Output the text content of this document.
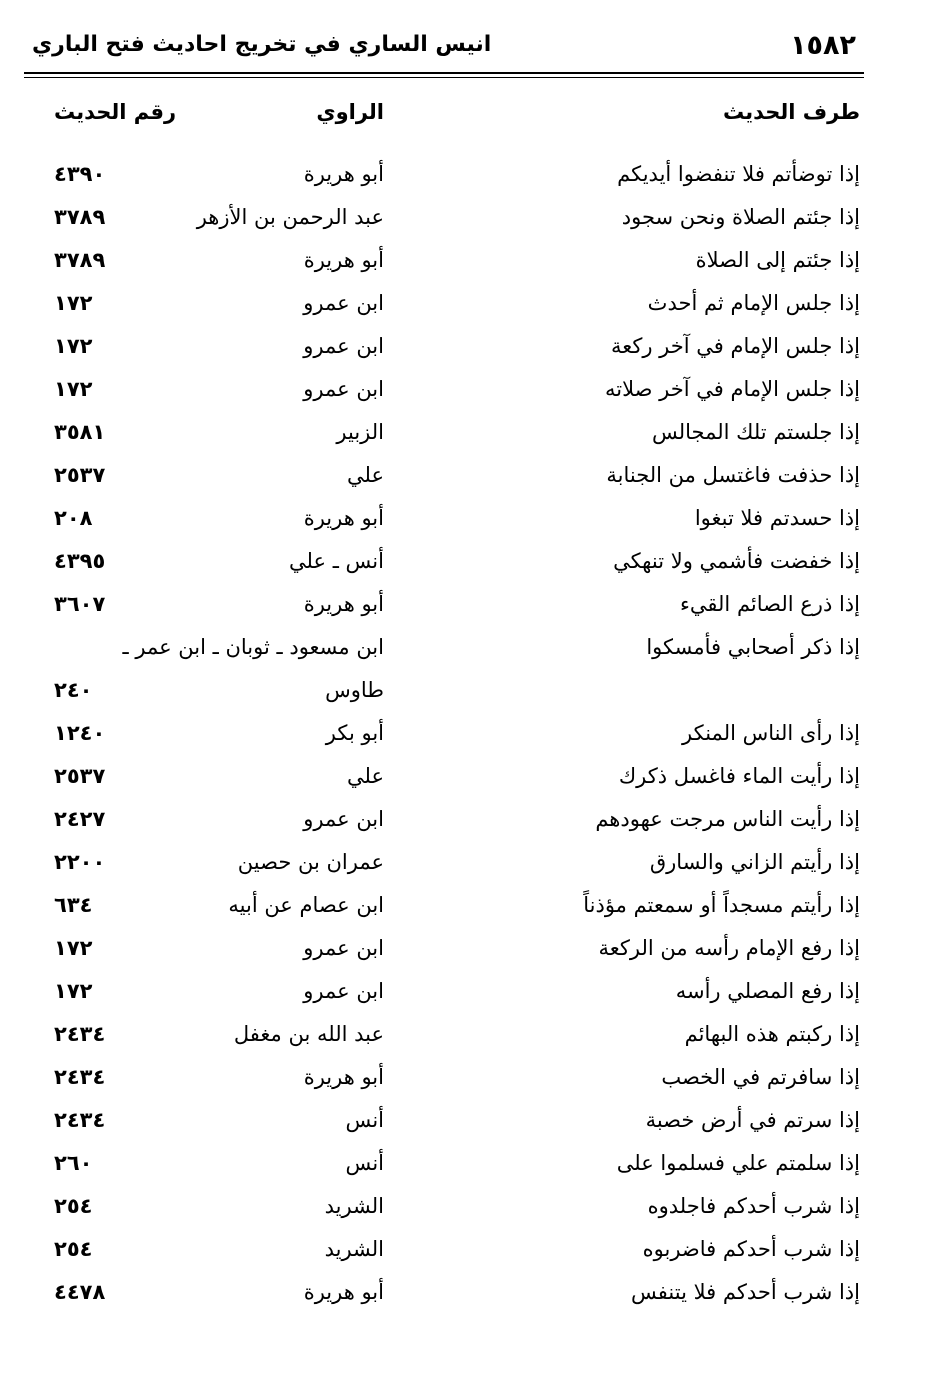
١٥٨٢
انيس الساري في تخريج احاديث فتح الباري
طرف الحديث
الراوي
رقم الحديث
إذا توضأتم فلا تنفضوا أيديكم
أبو هريرة
٤٣٩٠
إذا جئتم الصلاة ونحن سجود
عبد الرحمن بن الأزهر
٣٧٨٩
إذا جئتم إلى الصلاة
أبو هريرة
٣٧٨٩
إذا جلس الإمام ثم أحدث
ابن عمرو
١٧٢
إذا جلس الإمام في آخر ركعة
ابن عمرو
١٧٢
إذا جلس الإمام في آخر صلاته
ابن عمرو
١٧٢
إذا جلستم تلك المجالس
الزبير
٣٥٨١
إذا حذفت فاغتسل من الجنابة
علي
٢٥٣٧
إذا حسدتم فلا تبغوا
أبو هريرة
٢٠٨
إذا خفضت فأشمي ولا تنهكي
أنس ـ علي
٤٣٩٥
إذا ذرع الصائم القيء
أبو هريرة
٣٦٠٧
إذا ذكر أصحابي فأمسكوا
ابن مسعود ـ ثوبان ـ ابن عمر ـ
طاوس
٢٤٠
إذا رأى الناس المنكر
أبو بكر
١٢٤٠
إذا رأيت الماء فاغسل ذكرك
علي
٢٥٣٧
إذا رأيت الناس مرجت عهودهم
ابن عمرو
٢٤٢٧
إذا رأيتم الزاني والسارق
عمران بن حصين
٢٢٠٠
إذا رأيتم مسجداً أو سمعتم مؤذناً
ابن عصام عن أبيه
٦٣٤
إذا رفع الإمام رأسه من الركعة
ابن عمرو
١٧٢
إذا رفع المصلي رأسه
ابن عمرو
١٧٢
إذا ركبتم هذه البهائم
عبد الله بن مغفل
٢٤٣٤
إذا سافرتم في الخصب
أبو هريرة
٢٤٣٤
إذا سرتم في أرض خصبة
أنس
٢٤٣٤
إذا سلمتم علي فسلموا على
أنس
٢٦٠
إذا شرب أحدكم فاجلدوه
الشريد
٢٥٤
إذا شرب أحدكم فاضربوه
الشريد
٢٥٤
إذا شرب أحدكم فلا يتنفس
أبو هريرة
٤٤٧٨
